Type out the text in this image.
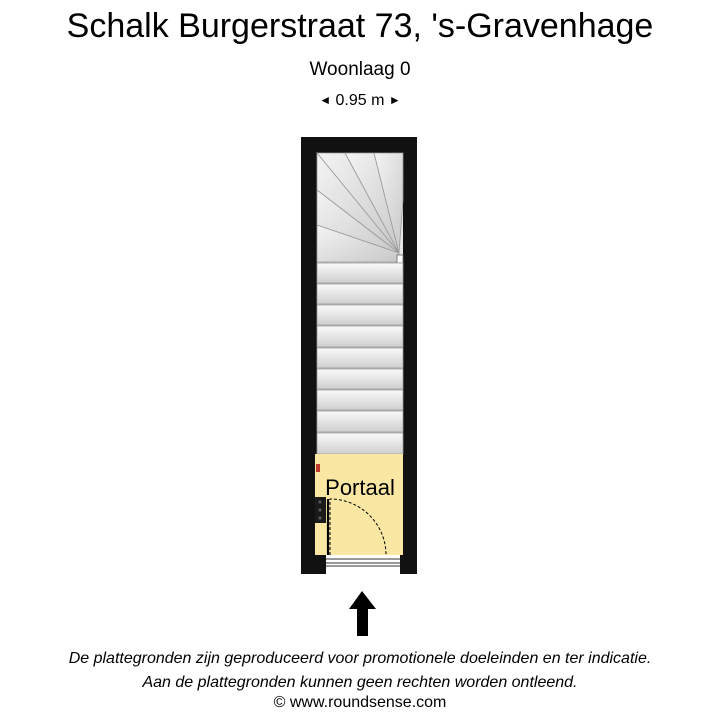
Schalk Burgerstraat 73, 's-Gravenhage
Woonlaag 0
◄ 0.95 m ►
Portaal
De plattegronden zijn geproduceerd voor promotionele doeleinden en ter indicatie.
Aan de plattegronden kunnen geen rechten worden ontleend.
© www.roundsense.com
